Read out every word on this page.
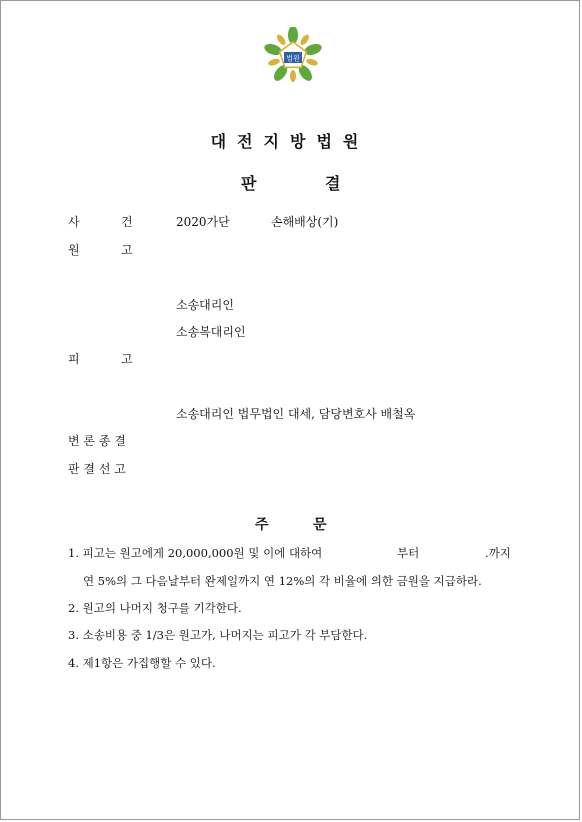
법원
대전지방법원
판	결
사	건	2020가단	손해배상(기)
원	고
소송대리인
소송복대리인
피	고
소송대리인 법무법인 대세, 담당변호사 배철옥
변 론 종 결
판 결 선 고
주	문
1. 피고는 원고에게 20,000,000원 및 이에 대하여	부터	.까지
연 5%의 그 다음날부터 완제일까지 연 12%의 각 비율에 의한 금원을 지급하라.
2. 원고의 나머지 청구를 기각한다.
3. 소송비용 중 1/3은 원고가, 나머지는 피고가 각 부담한다.
4. 제1항은 가집행할 수 있다.
